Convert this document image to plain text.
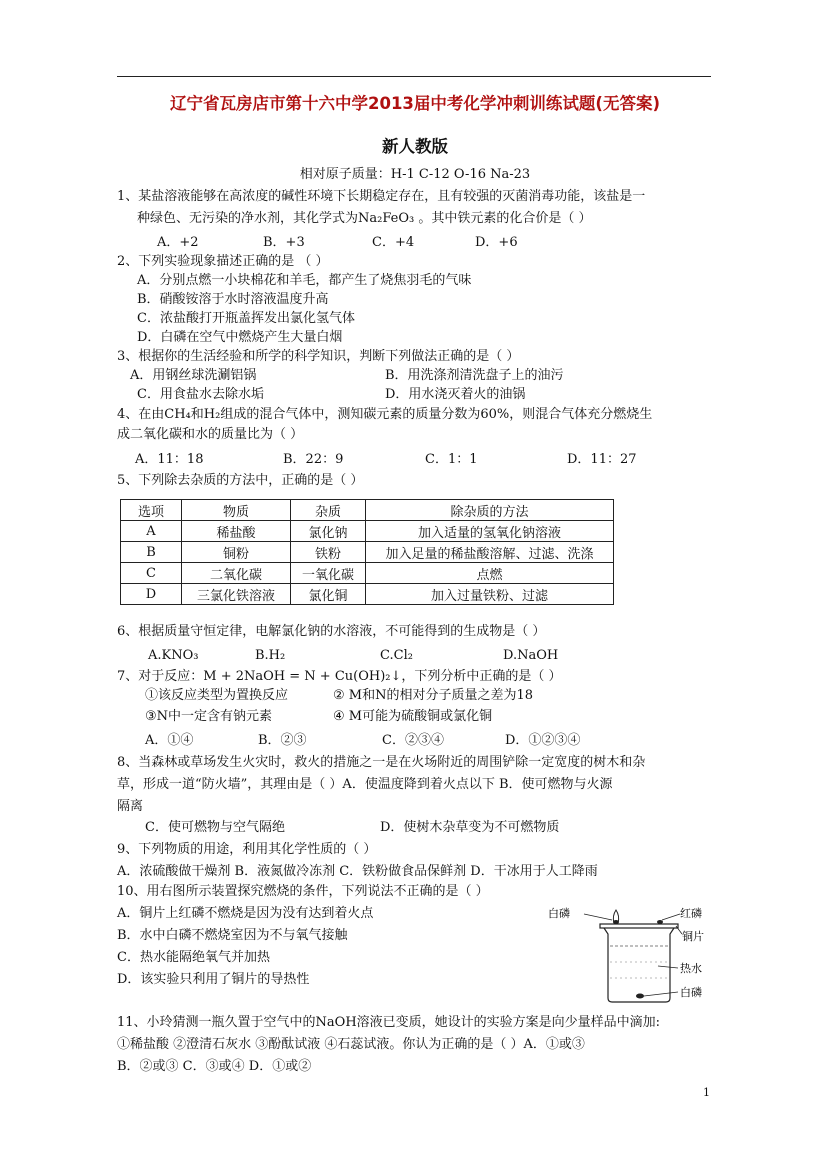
辽宁省瓦房店市第十六中学2013届中考化学冲刺训练试题(无答案)
新人教版
相对原子质量：H-1 C-12 O-16 Na-23
1、某盐溶液能够在高浓度的碱性环境下长期稳定存在，且有较强的灭菌消毒功能，该盐是一
种绿色、无污染的净水剂，其化学式为Na₂FeO₃ 。其中铁元素的化合价是（ ）
A．+2	B．+3	C．+4	D．+6
2、下列实验现象描述正确的是 （ ）
A．分别点燃一小块棉花和羊毛，都产生了烧焦羽毛的气味
B．硝酸铵溶于水时溶液温度升高
C．浓盐酸打开瓶盖挥发出氯化氢气体
D．白磷在空气中燃烧产生大量白烟
3、根据你的生活经验和所学的科学知识，判断下列做法正确的是（ ）
A．用钢丝球洗涮铝锅	B．用洗涤剂清洗盘子上的油污
C．用食盐水去除水垢	D．用水浇灭着火的油锅
4、在由CH₄和H₂组成的混合气体中，测知碳元素的质量分数为60%，则混合气体充分燃烧生
成二氧化碳和水的质量比为（ ）
A．11：18	B．22：9	C．1：1	D．11：27
5、下列除去杂质的方法中，正确的是（ ）
选项	物质	杂质	除杂质的方法
A	稀盐酸	氯化钠	加入适量的氢氧化钠溶液
B	铜粉	铁粉	加入足量的稀盐酸溶解、过滤、洗涤
C	二氧化碳	一氧化碳	点燃
D	三氯化铁溶液	氯化铜	加入过量铁粉、过滤
6、根据质量守恒定律，电解氯化钠的水溶液，不可能得到的生成物是（ ）
A.KNO₃	B.H₂	C.Cl₂	D.NaOH
7、对于反应：M + 2NaOH = N + Cu(OH)₂↓，下列分析中正确的是（ ）
①该反应类型为置换反应	② M和N的相对分子质量之差为18
③N中一定含有钠元素	④ M可能为硫酸铜或氯化铜
A．①④	B．②③	C．②③④	D．①②③④
8、当森林或草场发生火灾时，救火的措施之一是在火场附近的周围铲除一定宽度的树木和杂
草，形成一道“防火墙”，其理由是（ ）A．使温度降到着火点以下 B．使可燃物与火源
隔离
C．使可燃物与空气隔绝	D．使树木杂草变为不可燃物质
9、下列物质的用途，利用其化学性质的（ ）
A．浓硫酸做干燥剂 B．液氮做冷冻剂 C．铁粉做食品保鲜剂 D．干冰用于人工降雨
10、用右图所示装置探究燃烧的条件，下列说法不正确的是（ ）
A．铜片上红磷不燃烧是因为没有达到着火点
B．水中白磷不燃烧室因为不与氧气接触
C．热水能隔绝氧气并加热
D．该实验只利用了铜片的导热性
白磷	红磷
铜片
热水
白磷
11、小玲猜测一瓶久置于空气中的NaOH溶液已变质，她设计的实验方案是向少量样品中滴加:
①稀盐酸 ②澄清石灰水 ③酚酞试液 ④石蕊试液。你认为正确的是（ ）A．①或③
B．②或③ C．③或④ D．①或②
1
